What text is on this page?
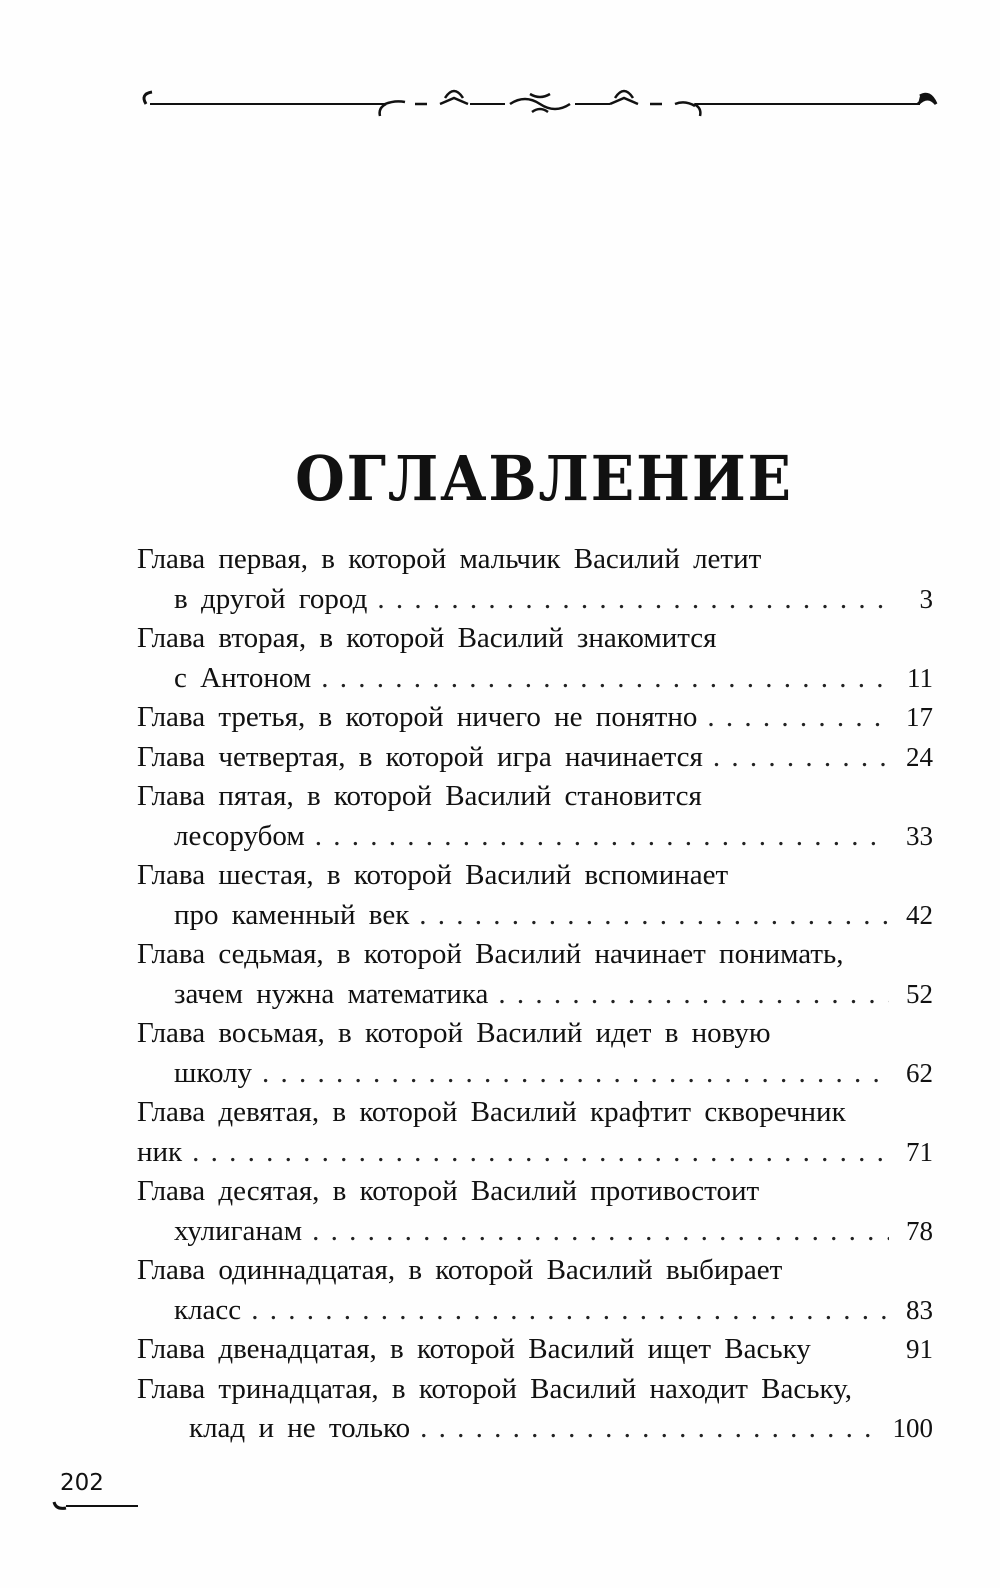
ОГЛАВЛЕНИЕ
Глава первая, в которой мальчик Василий летит
в другой город . . .	3
Глава вторая, в которой Василий знакомится
с Антоном . . .	11
Глава третья, в которой ничего не понятно . . .	17
Глава четвертая, в которой игра начинается . . .	24
Глава пятая, в которой Василий становится
лесорубом . . .	33
Глава шестая, в которой Василий вспоминает
про каменный век . . .	42
Глава седьмая, в которой Василий начинает понимать,
зачем нужна математика . . .	52
Глава восьмая, в которой Василий идет в новую
школу . . .	62
Глава девятая, в которой Василий крафтит скворечник
ник . . .	71
Глава десятая, в которой Василий противостоит
хулиганам . . .	78
Глава одиннадцатая, в которой Василий выбирает
класс . . .	83
Глава двенадцатая, в которой Василий ищет Ваську	91
Глава тринадцатая, в которой Василий находит Ваську,
клад и не только . . .	100
202
